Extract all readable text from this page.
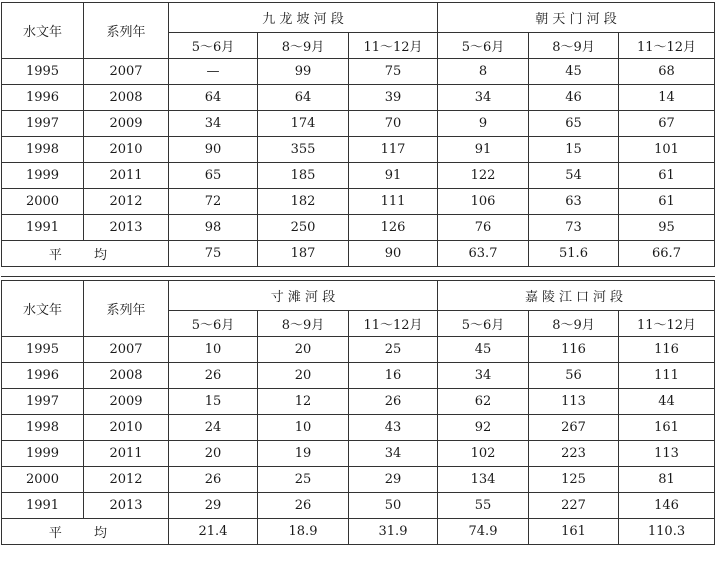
水文年	系列年	九 龙 坡 河 段			朝 天 门 河 段		
		5～6月	8～9月	11～12月	5～6月	8～9月	11～12月
1995	2007	—	99	75	8	45	68
1996	2008	64	64	39	34	46	14
1997	2009	34	174	70	9	65	67
1998	2010	90	355	117	91	15	101
1999	2011	65	185	91	122	54	61
2000	2012	72	182	111	106	63	61
1991	2013	98	250	126	76	73	95
平 均		75	187	90	63.7	51.6	66.7
水文年	系列年	寸 滩 河 段			嘉陵江口河段		
		5～6月	8～9月	11～12月	5～6月	8～9月	11～12月
1995	2007	10	20	25	45	116	116
1996	2008	26	20	16	34	56	111
1997	2009	15	12	26	62	113	44
1998	2010	24	10	43	92	267	161
1999	2011	20	19	34	102	223	113
2000	2012	26	25	29	134	125	81
1991	2013	29	26	50	55	227	146
平 均		21.4	18.9	31.9	74.9	161	110.3
